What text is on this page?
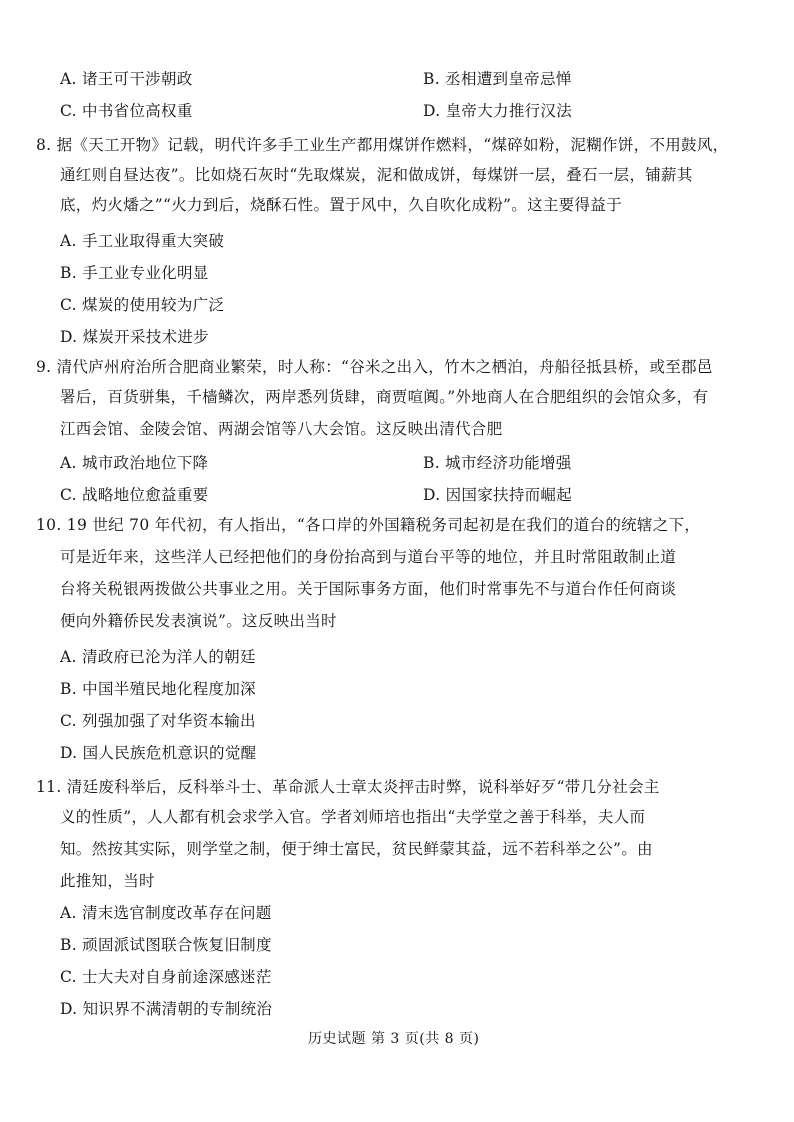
A. 诸王可干涉朝政	B. 丞相遭到皇帝忌惮
C. 中书省位高权重	D. 皇帝大力推行汉法
8. 据《天工开物》记载，明代许多手工业生产都用煤饼作燃料，“煤碎如粉，泥糊作饼，不用鼓风，
通红则自昼达夜”。比如烧石灰时“先取煤炭，泥和做成饼，每煤饼一层，叠石一层，铺薪其
底，灼火燔之”“火力到后，烧酥石性。置于风中，久自吹化成粉”。这主要得益于
A. 手工业取得重大突破
B. 手工业专业化明显
C. 煤炭的使用较为广泛
D. 煤炭开采技术进步
9. 清代庐州府治所合肥商业繁荣，时人称：“谷米之出入，竹木之栖泊，舟船径抵县桥，或至郡邑
署后，百货骈集，千樯鳞次，两岸悉列货肆，商贾喧阗。”外地商人在合肥组织的会馆众多，有
江西会馆、金陵会馆、两湖会馆等八大会馆。这反映出清代合肥
A. 城市政治地位下降	B. 城市经济功能增强
C. 战略地位愈益重要	D. 因国家扶持而崛起
10. 19 世纪 70 年代初，有人指出，“各口岸的外国籍税务司起初是在我们的道台的统辖之下，
可是近年来，这些洋人已经把他们的身份抬高到与道台平等的地位，并且时常阻敢制止道
台将关税银两拨做公共事业之用。关于国际事务方面，他们时常事先不与道台作任何商谈
便向外籍侨民发表演说”。这反映出当时
A. 清政府已沦为洋人的朝廷
B. 中国半殖民地化程度加深
C. 列强加强了对华资本输出
D. 国人民族危机意识的觉醒
11. 清廷废科举后，反科举斗士、革命派人士章太炎抨击时弊，说科举好歹“带几分社会主
义的性质”，人人都有机会求学入官。学者刘师培也指出“夫学堂之善于科举，夫人而
知。然按其实际，则学堂之制，便于绅士富民，贫民鲜蒙其益，远不若科举之公”。由
此推知，当时
A. 清末选官制度改革存在问题
B. 顽固派试图联合恢复旧制度
C. 士大夫对自身前途深感迷茫
D. 知识界不满清朝的专制统治
历史试题 第 3 页(共 8 页)
